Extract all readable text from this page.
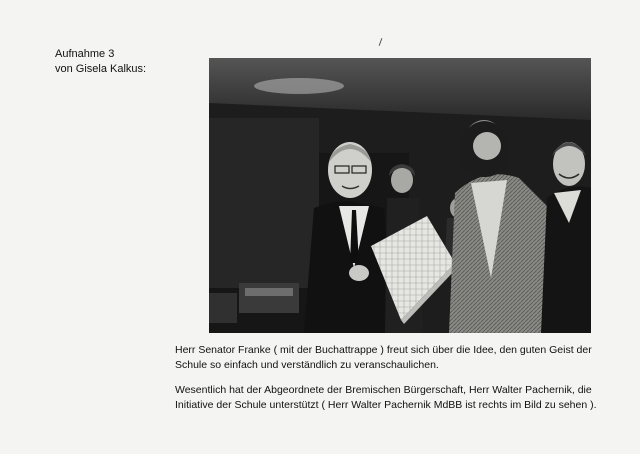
Aufnahme 3
von Gisela Kalkus:

Herr Senator Franke ( mit der Buchattrappe ) freut sich über die Idee, den guten Geist der Schule so einfach und verständlich zu veranschaulichen.

Wesentlich hat der Abgeordnete der Bremischen Bürgerschaft, Herr Walter Pachernik, die Initiative der Schule unterstützt ( Herr Walter Pachernik MdBB ist rechts im Bild zu sehen ).
